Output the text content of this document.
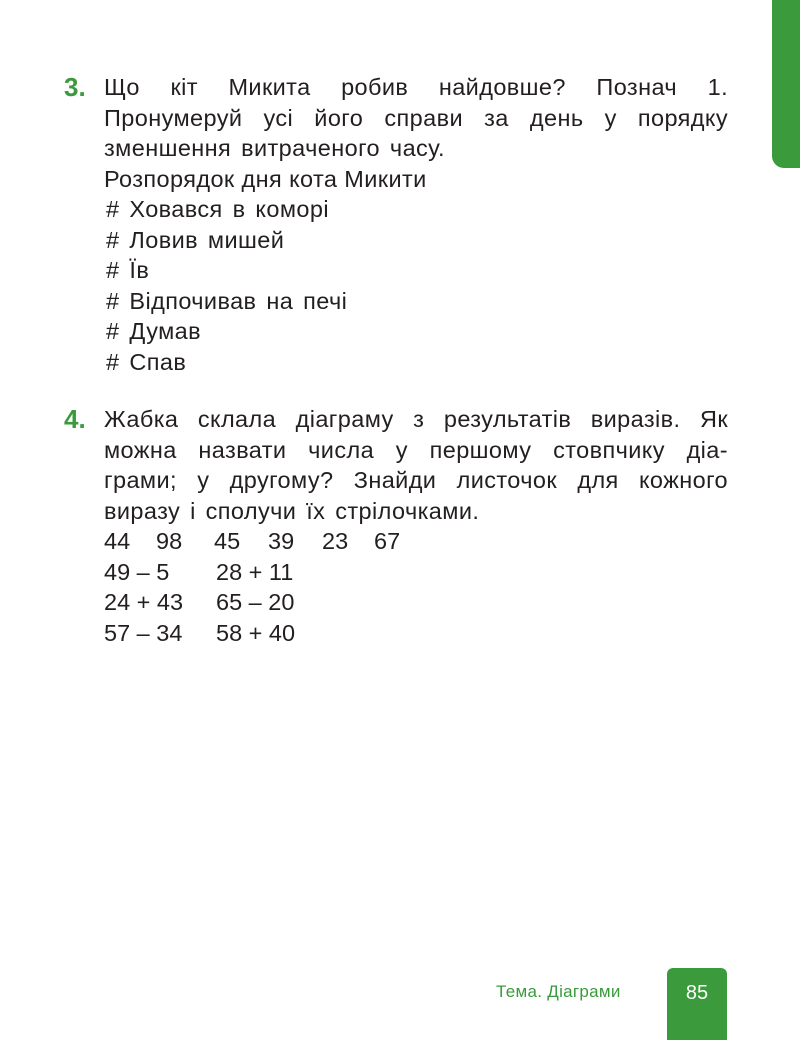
3. Що кіт Микита робив найдовше? Познач 1.
Пронумеруй усі його справи за день у порядку
зменшення витраченого часу.
Розпорядок дня кота Микити
# Ховався в коморі
# Ловив мишей
# Їв
# Відпочивав на печі
# Думав
# Спав
4. Жабка склала діаграму з результатів виразів. Як
можна назвати числа у першому стовпчику діа-
грами; у другому? Знайди листочок для кожного
виразу і сполучи їх стрілочками.
44 98 45 39 23 67
49 – 5 28 + 11
24 + 43 65 – 20
57 – 34 58 + 40
Тема. Діаграми	85
